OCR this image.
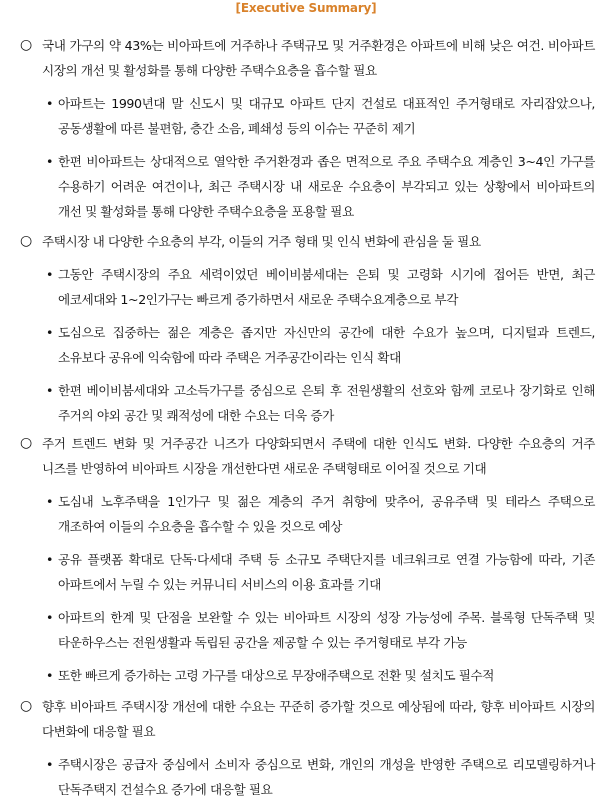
[Executive Summary]
○ 국내 가구의 약 43%는 비아파트에 거주하나 주택규모 및 거주환경은 아파트에 비해 낮은 여건. 비아파트 시장의 개선 및 활성화를 통해 다양한 주택수요층을 흡수할 필요
• 아파트는 1990년대 말 신도시 및 대규모 아파트 단지 건설로 대표적인 주거형태로 자리잡았으나, 공동생활에 따른 불편함, 층간 소음, 폐쇄성 등의 이슈는 꾸준히 제기
• 한편 비아파트는 상대적으로 열악한 주거환경과 좁은 면적으로 주요 주택수요 계층인 3~4인 가구를 수용하기 어려운 여건이나, 최근 주택시장 내 새로운 수요층이 부각되고 있는 상황에서 비아파트의 개선 및 활성화를 통해 다양한 주택수요층을 포용할 필요
○ 주택시장 내 다양한 수요층의 부각, 이들의 거주 형태 및 인식 변화에 관심을 둘 필요
• 그동안 주택시장의 주요 세력이었던 베이비붐세대는 은퇴 및 고령화 시기에 접어든 반면, 최근 에코세대와 1~2인가구는 빠르게 증가하면서 새로운 주택수요계층으로 부각
• 도심으로 집중하는 젊은 계층은 좁지만 자신만의 공간에 대한 수요가 높으며, 디지털과 트렌드, 소유보다 공유에 익숙함에 따라 주택은 거주공간이라는 인식 확대
• 한편 베이비붐세대와 고소득가구를 중심으로 은퇴 후 전원생활의 선호와 함께 코로나 장기화로 인해 주거의 야외 공간 및 쾌적성에 대한 수요는 더욱 증가
○ 주거 트렌드 변화 및 거주공간 니즈가 다양화되면서 주택에 대한 인식도 변화. 다양한 수요층의 거주 니즈를 반영하여 비아파트 시장을 개선한다면 새로운 주택형태로 이어질 것으로 기대
• 도심내 노후주택을 1인가구 및 젊은 계층의 주거 취향에 맞추어, 공유주택 및 테라스 주택으로 개조하여 이들의 수요층을 흡수할 수 있을 것으로 예상
• 공유 플랫폼 확대로 단독·다세대 주택 등 소규모 주택단지를 네크워크로 연결 가능함에 따라, 기존 아파트에서 누릴 수 있는 커뮤니티 서비스의 이용 효과를 기대
• 아파트의 한계 및 단점을 보완할 수 있는 비아파트 시장의 성장 가능성에 주목. 블록형 단독주택 및 타운하우스는 전원생활과 독립된 공간을 제공할 수 있는 주거형태로 부각 가능
• 또한 빠르게 증가하는 고령 가구를 대상으로 무장애주택으로 전환 및 설치도 필수적
○ 향후 비아파트 주택시장 개선에 대한 수요는 꾸준히 증가할 것으로 예상됨에 따라, 향후 비아파트 시장의 다변화에 대응할 필요
• 주택시장은 공급자 중심에서 소비자 중심으로 변화, 개인의 개성을 반영한 주택으로 리모델링하거나 단독주택지 건설수요 증가에 대응할 필요
